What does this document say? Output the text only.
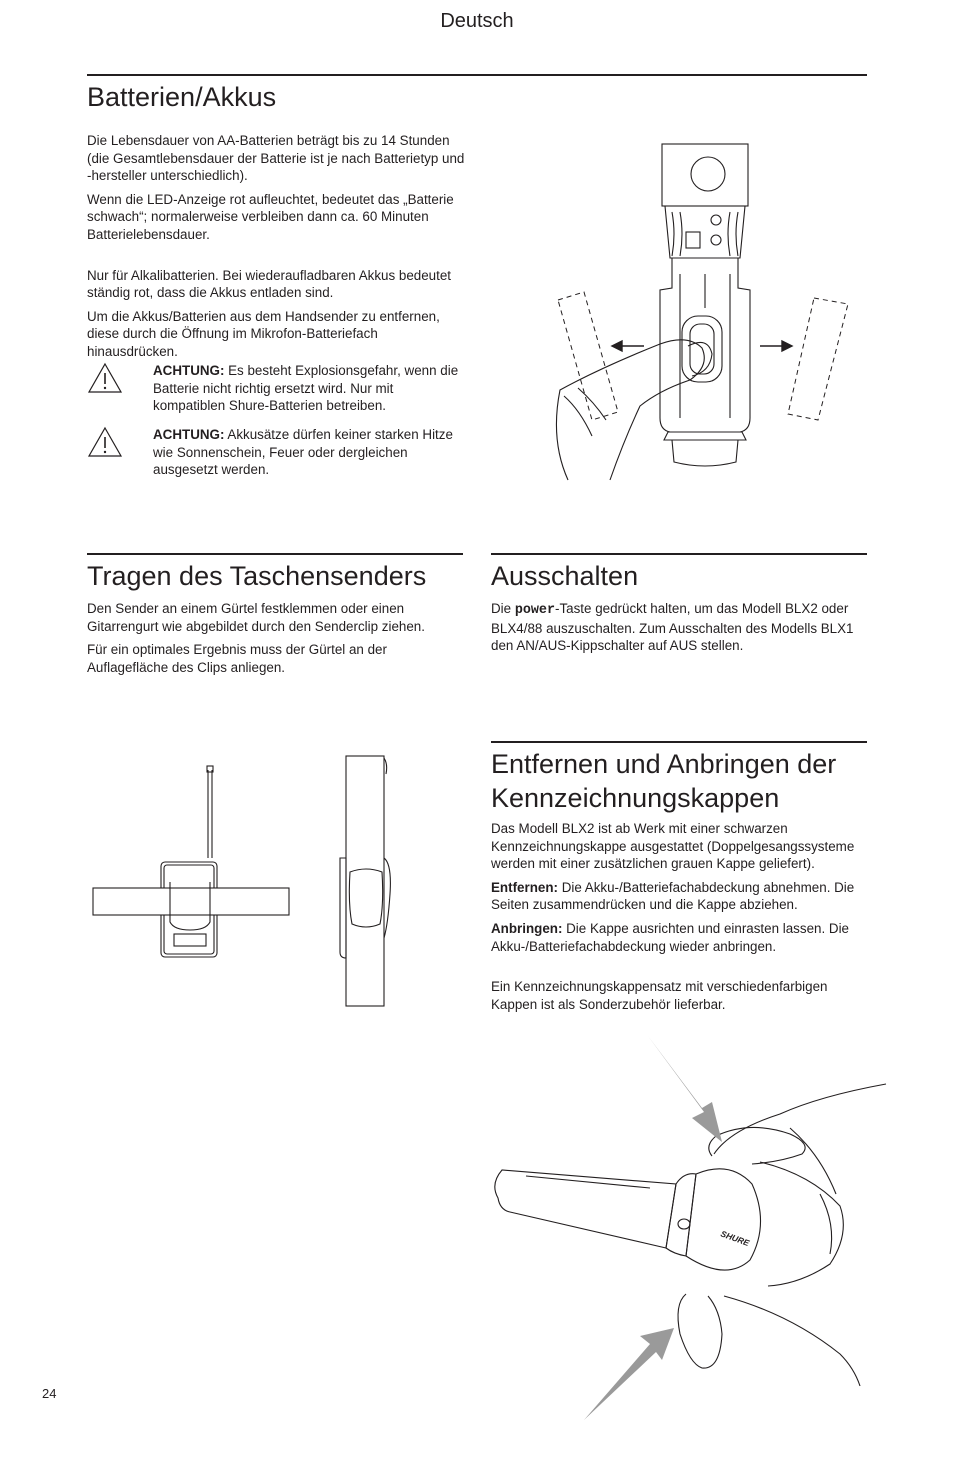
Deutsch
Batterien/Akkus

Die Lebensdauer von AA-Batterien beträgt bis zu 14 Stunden (die Gesamtlebensdauer der Batterie ist je nach Batterietyp und -hersteller unterschiedlich).

Wenn die LED-Anzeige rot aufleuchtet, bedeutet das „Batterie schwach“; normalerweise verbleiben dann ca. 60 Minuten Batterielebensdauer.

Nur für Alkalibatterien. Bei wiederaufladbaren Akkus bedeutet ständig rot, dass die Akkus entladen sind.

Um die Akkus/Batterien aus dem Handsender zu entfernen, diese durch die Öffnung im Mikrofon-Batteriefach hinausdrücken.

ACHTUNG: Es besteht Explosionsgefahr, wenn die Batterie nicht richtig ersetzt wird. Nur mit kompatiblen Shure-Batterien betreiben.

ACHTUNG: Akkusätze dürfen keiner starken Hitze wie Sonnenschein, Feuer oder dergleichen ausgesetzt werden.

Tragen des Taschensenders

Den Sender an einem Gürtel festklemmen oder einen Gitarrengurt wie abgebildet durch den Senderclip ziehen.

Für ein optimales Ergebnis muss der Gürtel an der Auflagefläche des Clips anliegen.

Ausschalten

Die power-Taste gedrückt halten, um das Modell BLX2 oder BLX4/88 auszuschalten. Zum Ausschalten des Modells BLX1 den AN/AUS-Kippschalter auf AUS stellen.

Entfernen und Anbringen der
Kennzeichnungskappen

Das Modell BLX2 ist ab Werk mit einer schwarzen Kennzeichnungskappe ausgestattet (Doppelgesangssysteme werden mit einer zusätzlichen grauen Kappe geliefert).

Entfernen: Die Akku-/Batteriefachabdeckung abnehmen. Die Seiten zusammendrücken und die Kappe abziehen.

Anbringen: Die Kappe ausrichten und einrasten lassen. Die Akku-/Batteriefachabdeckung wieder anbringen.

Ein Kennzeichnungskappensatz mit verschiedenfarbigen Kappen ist als Sonderzubehör lieferbar.

SHURE
24
